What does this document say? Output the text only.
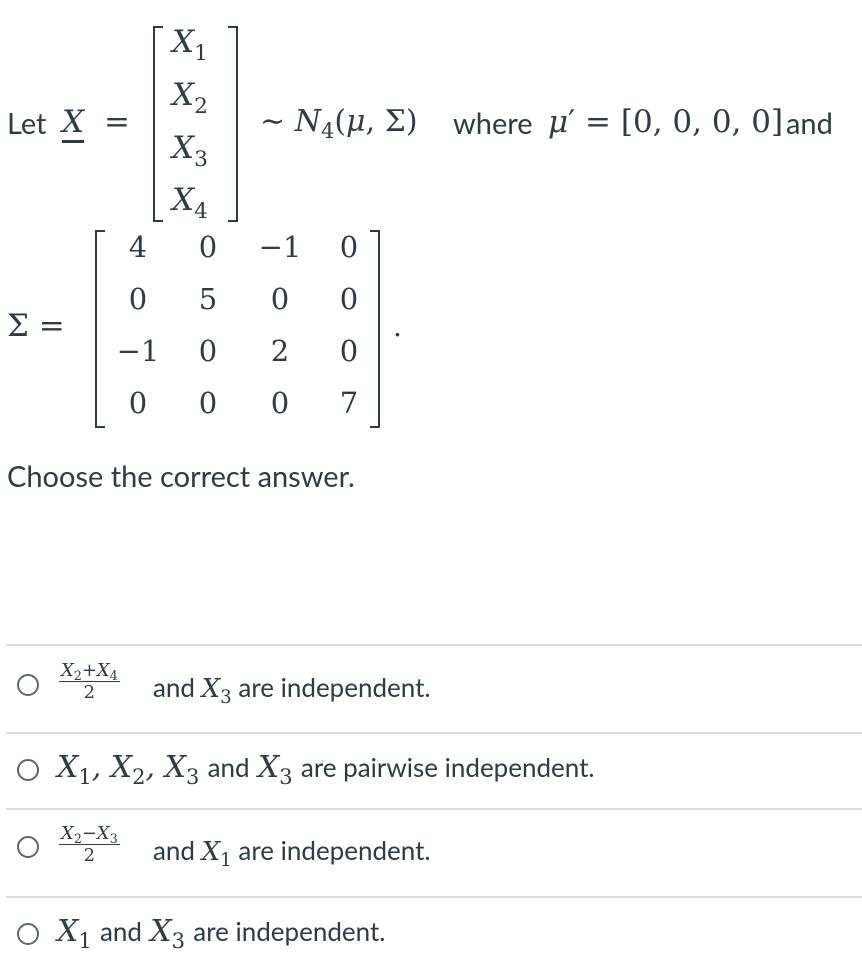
Let X =
$X_1$
$X_2$
$X_3$
$X_4$
∼ $N_4(\mu$, Σ) where μ′ = [0, 0, 0, 0] and
Σ =
4	0	−1	0
0	5	0	0
−1	0	2	0
0	0	0	7
.
Choose the correct answer.
$\frac{X_2+X_4}{2}$ and $X_3$ are independent.
$X_1$, $X_2$, $X_3$ and $X_3$ are pairwise independent.
$\frac{X_2-X_3}{2}$ and $X_1$ are independent.
$X_1$ and $X_3$ are independent.
